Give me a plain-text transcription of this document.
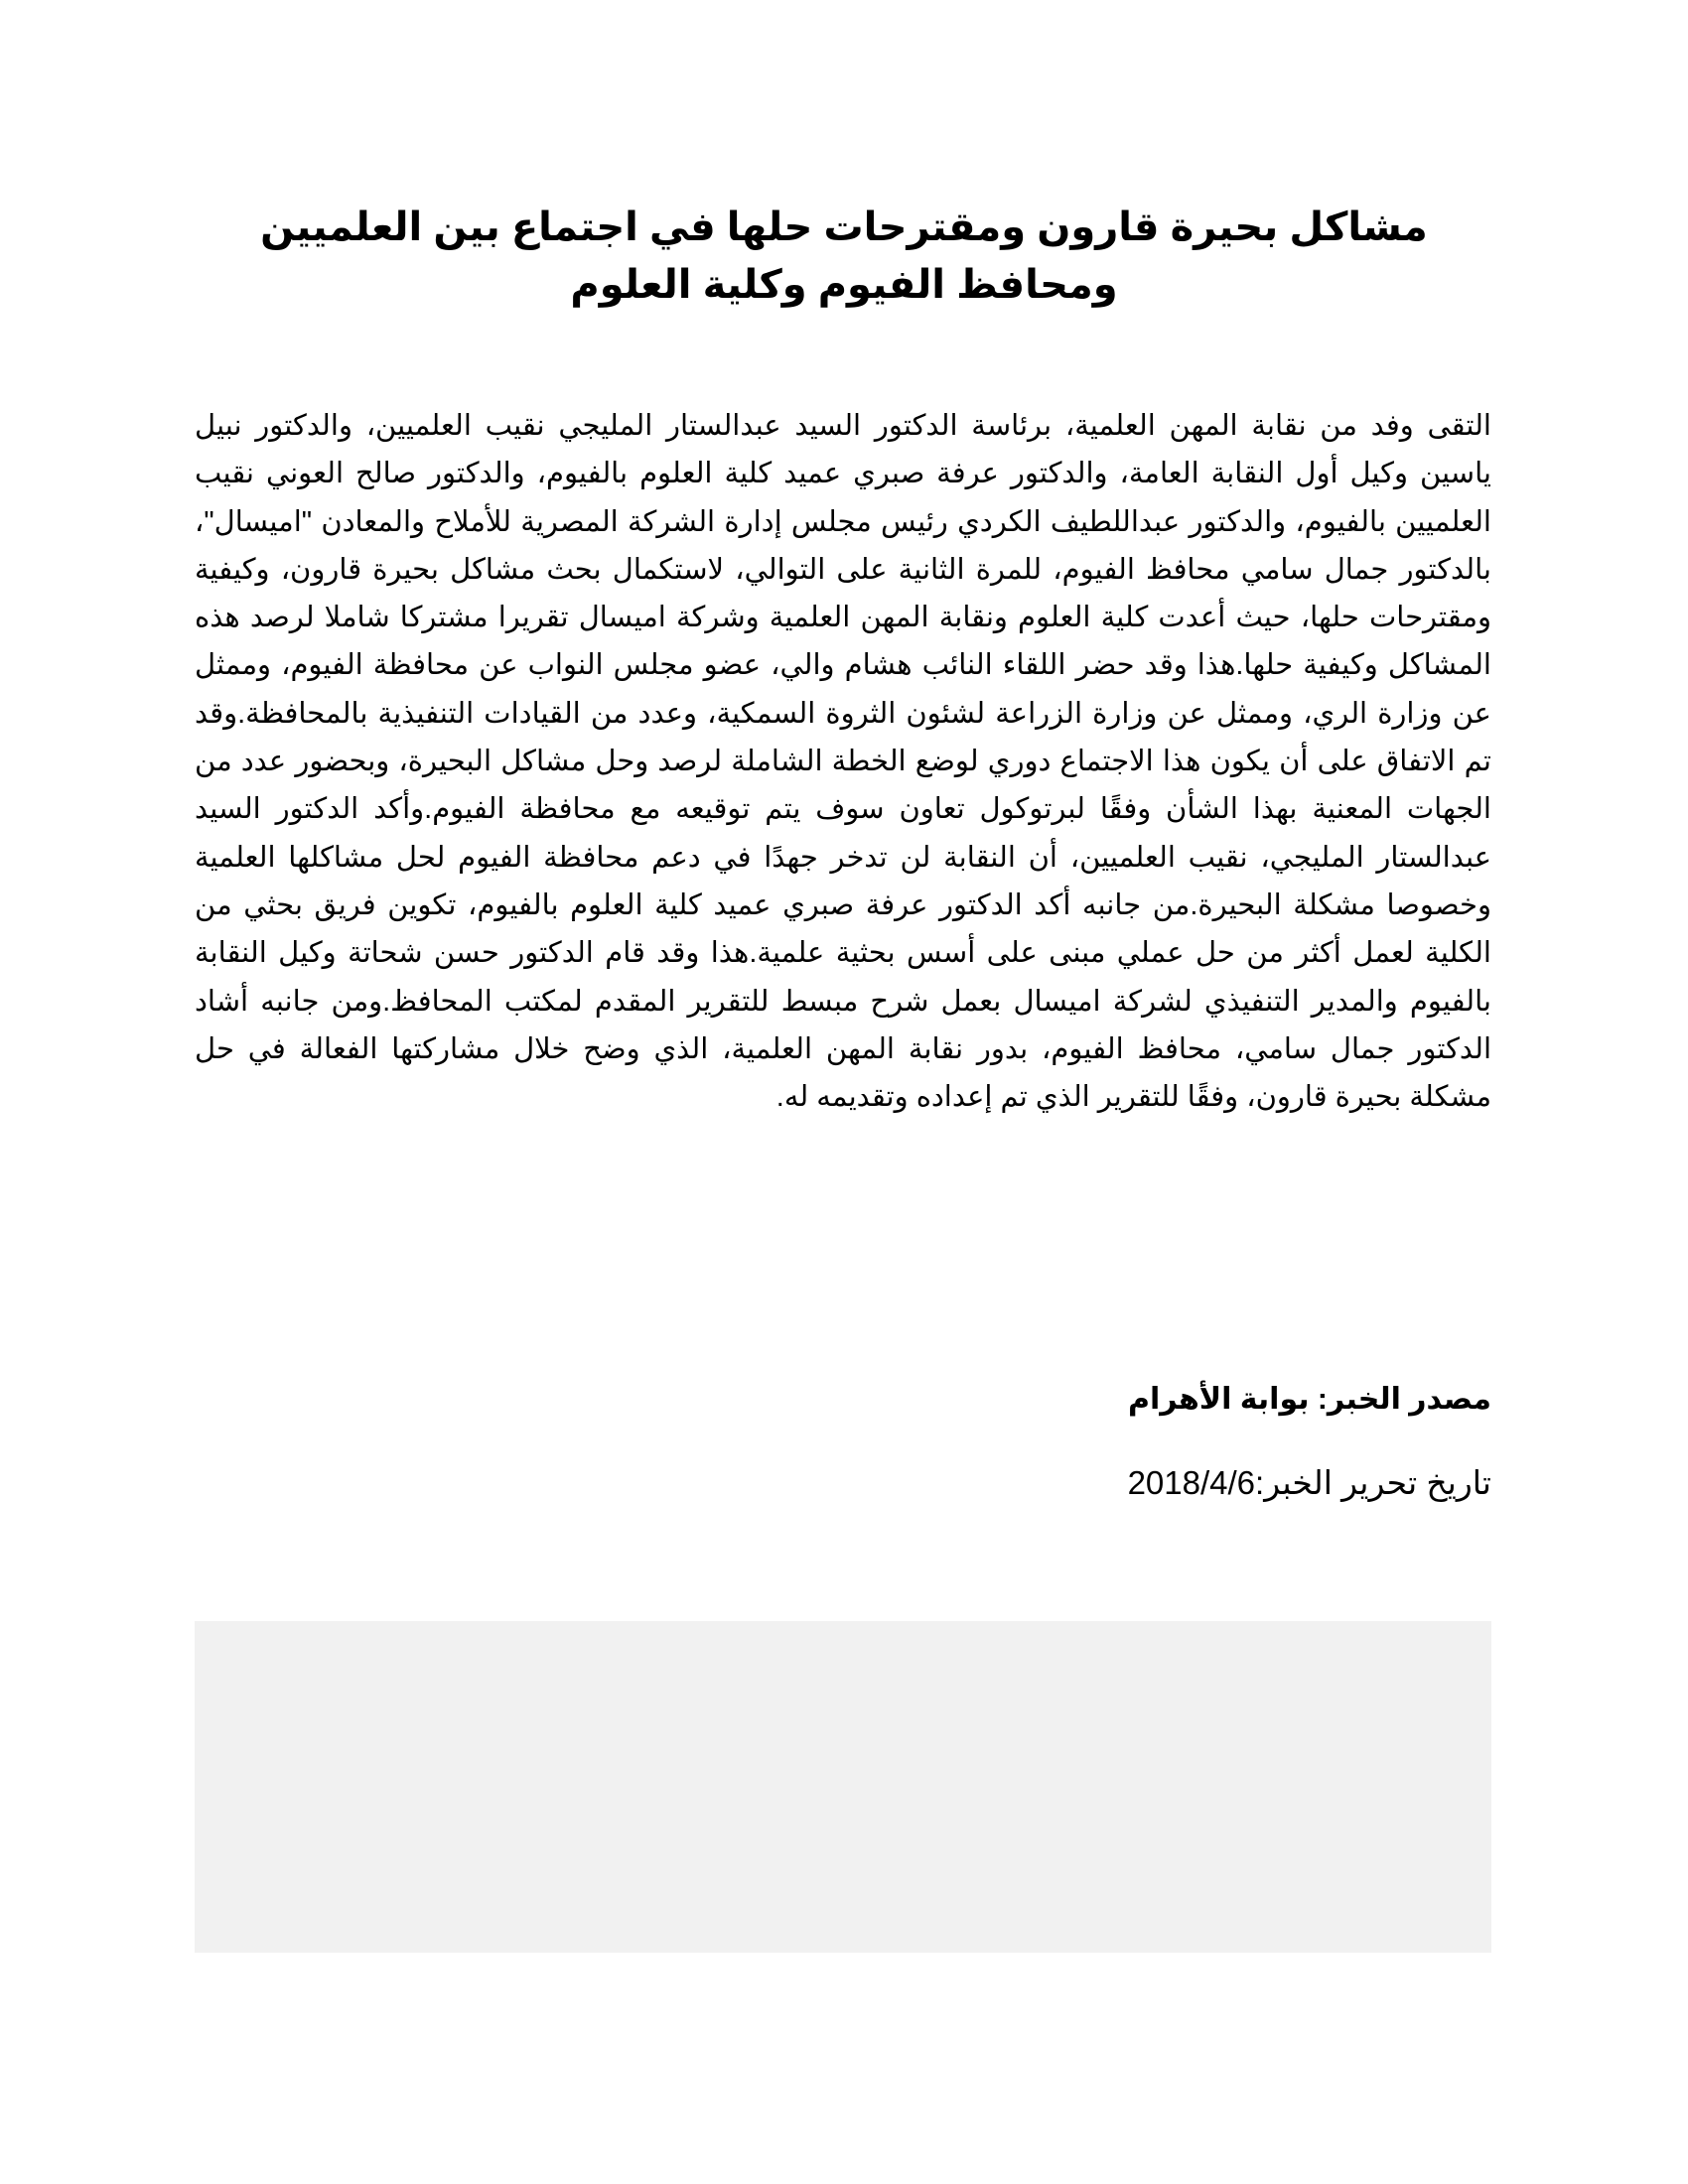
مشاكل بحيرة قارون ومقترحات حلها في اجتماع بين العلميين ومحافظ الفيوم وكلية العلوم

التقى وفد من نقابة المهن العلمية، برئاسة الدكتور السيد عبدالستار المليجي نقيب العلميين، والدكتور نبيل ياسين وكيل أول النقابة العامة، والدكتور عرفة صبري عميد كلية العلوم بالفيوم، والدكتور صالح العوني نقيب العلميين بالفيوم، والدكتور عبداللطيف الكردي رئيس مجلس إدارة الشركة المصرية للأملاح والمعادن "اميسال"، بالدكتور جمال سامي محافظ الفيوم، للمرة الثانية على التوالي، لاستكمال بحث مشاكل بحيرة قارون، وكيفية ومقترحات حلها، حيث أعدت كلية العلوم ونقابة المهن العلمية وشركة اميسال تقريرا مشتركا شاملا لرصد هذه المشاكل وكيفية حلها.هذا وقد حضر اللقاء النائب هشام والي، عضو مجلس النواب عن محافظة الفيوم، وممثل عن وزارة الري، وممثل عن وزارة الزراعة لشئون الثروة السمكية، وعدد من القيادات التنفيذية بالمحافظة.وقد تم الاتفاق على أن يكون هذا الاجتماع دوري لوضع الخطة الشاملة لرصد وحل مشاكل البحيرة، وبحضور عدد من الجهات المعنية بهذا الشأن وفقًا لبرتوكول تعاون سوف يتم توقيعه مع محافظة الفيوم.وأكد الدكتور السيد عبدالستار المليجي، نقيب العلميين، أن النقابة لن تدخر جهدًا في دعم محافظة الفيوم لحل مشاكلها العلمية وخصوصا مشكلة البحيرة.من جانبه أكد الدكتور عرفة صبري عميد كلية العلوم بالفيوم، تكوين فريق بحثي من الكلية لعمل أكثر من حل عملي مبنى على أسس بحثية علمية.هذا وقد قام الدكتور حسن شحاتة وكيل النقابة بالفيوم والمدير التنفيذي لشركة اميسال بعمل شرح مبسط للتقرير المقدم لمكتب المحافظ.ومن جانبه أشاد الدكتور جمال سامي، محافظ الفيوم، بدور نقابة المهن العلمية، الذي وضح خلال مشاركتها الفعالة في حل مشكلة بحيرة قارون، وفقًا للتقرير الذي تم إعداده وتقديمه له.

مصدر الخبر: بوابة الأهرام
تاريخ تحرير الخبر:2018/4/6
